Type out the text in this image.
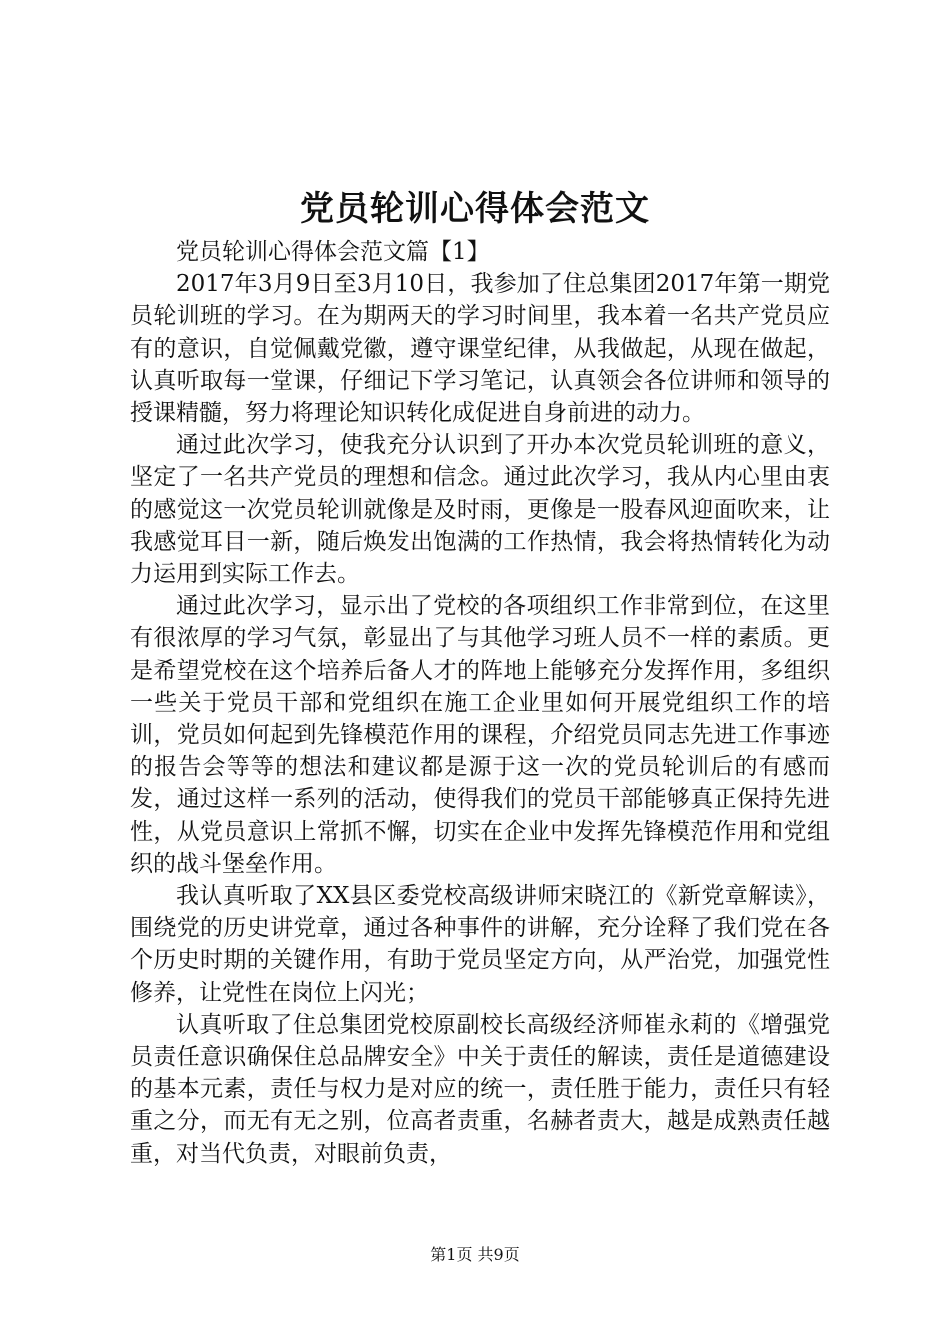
党员轮训心得体会范文

党员轮训心得体会范文篇【1】

2017年3月9日至3月10日，我参加了住总集团2017年第一期党员轮训班的学习。在为期两天的学习时间里，我本着一名共产党员应有的意识，自觉佩戴党徽，遵守课堂纪律，从我做起，从现在做起，认真听取每一堂课，仔细记下学习笔记，认真领会各位讲师和领导的授课精髓，努力将理论知识转化成促进自身前进的动力。

通过此次学习，使我充分认识到了开办本次党员轮训班的意义，坚定了一名共产党员的理想和信念。通过此次学习，我从内心里由衷的感觉这一次党员轮训就像是及时雨，更像是一股春风迎面吹来，让我感觉耳目一新，随后焕发出饱满的工作热情，我会将热情转化为动力运用到实际工作去。

通过此次学习，显示出了党校的各项组织工作非常到位，在这里有很浓厚的学习气氛，彰显出了与其他学习班人员不一样的素质。更是希望党校在这个培养后备人才的阵地上能够充分发挥作用，多组织一些关于党员干部和党组织在施工企业里如何开展党组织工作的培训，党员如何起到先锋模范作用的课程，介绍党员同志先进工作事迹的报告会等等的想法和建议都是源于这一次的党员轮训后的有感而发，通过这样一系列的活动，使得我们的党员干部能够真正保持先进性，从党员意识上常抓不懈，切实在企业中发挥先锋模范作用和党组织的战斗堡垒作用。

我认真听取了XX县区委党校高级讲师宋晓江的《新党章解读》，围绕党的历史讲党章，通过各种事件的讲解，充分诠释了我们党在各个历史时期的关键作用，有助于党员坚定方向，从严治党，加强党性修养，让党性在岗位上闪光；

认真听取了住总集团党校原副校长高级经济师崔永莉的《增强党员责任意识确保住总品牌安全》中关于责任的解读，责任是道德建设的基本元素，责任与权力是对应的统一，责任胜于能力，责任只有轻重之分，而无有无之别，位高者责重，名赫者责大，越是成熟责任越重，对当代负责，对眼前负责，

第1页 共9页
